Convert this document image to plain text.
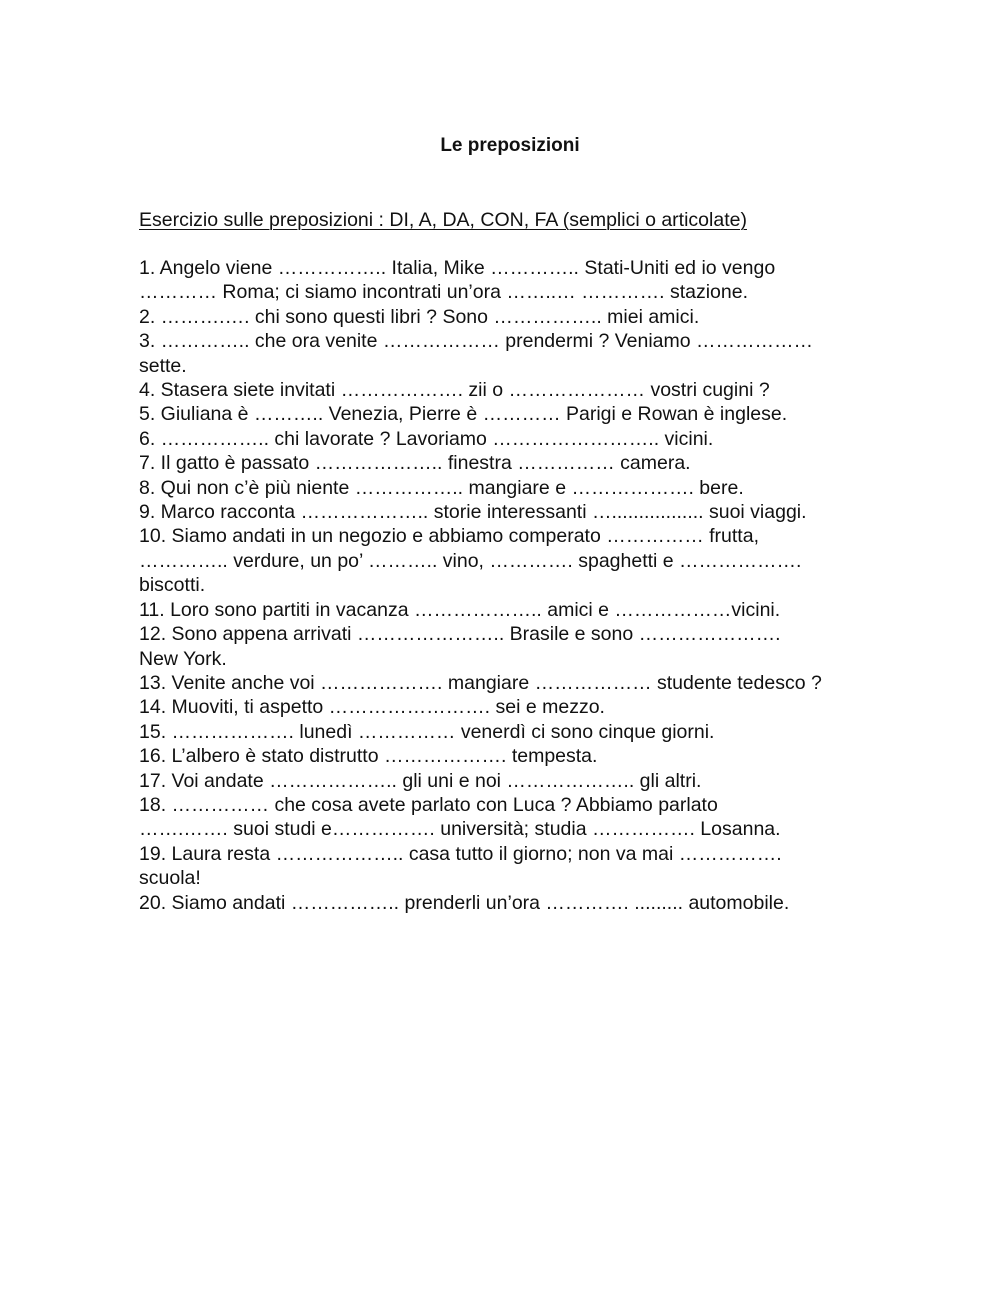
Le preposizioni

Esercizio sulle preposizioni : DI, A, DA, CON, FA (semplici o articolate)

1. Angelo viene …………….. Italia, Mike ………….. Stati-Uniti ed io vengo
………… Roma; ci siamo incontrati un’ora ……..… …………. stazione.
2. ……….…. chi sono questi libri ? Sono …………….. miei amici.
3. ………….. che ora venite ……………… prendermi ? Veniamo ………………
sette.
4. Stasera siete invitati ………………. zii o ………………… vostri cugini ?
5. Giuliana è ……….. Venezia, Pierre è ………… Parigi e Rowan è inglese.
6. …………….. chi lavorate ? Lavoriamo …………………….. vicini.
7. Il gatto è passato ……………….. finestra …………… camera.
8. Qui non c’è più niente …………….. mangiare e ………………. bere.
9. Marco racconta ……………….. storie interessanti …................. suoi viaggi.
10. Siamo andati in un negozio e abbiamo comperato …………… frutta,
………….. verdure, un po’ ……….. vino, …………. spaghetti e ……………….
biscotti.
11. Loro sono partiti in vacanza ……………….. amici e ………………vicini.
12. Sono appena arrivati ………………….. Brasile e sono ………………….
New York.
13. Venite anche voi ………………. mangiare ……………… studente tedesco ?
14. Muoviti, ti aspetto ……………………. sei e mezzo.
15. ………………. lunedì …………… venerdì ci sono cinque giorni.
16. L’albero è stato distrutto ………………. tempesta.
17. Voi andate ……………….. gli uni e noi ……………….. gli altri.
18. …………… che cosa avete parlato con Luca ? Abbiamo parlato
…….……. suoi studi e……………. università; studia ……………. Losanna.
19. Laura resta ……………….. casa tutto il giorno; non va mai …………….
scuola!
20. Siamo andati …………….. prenderli un’ora …………. ......... automobile.
